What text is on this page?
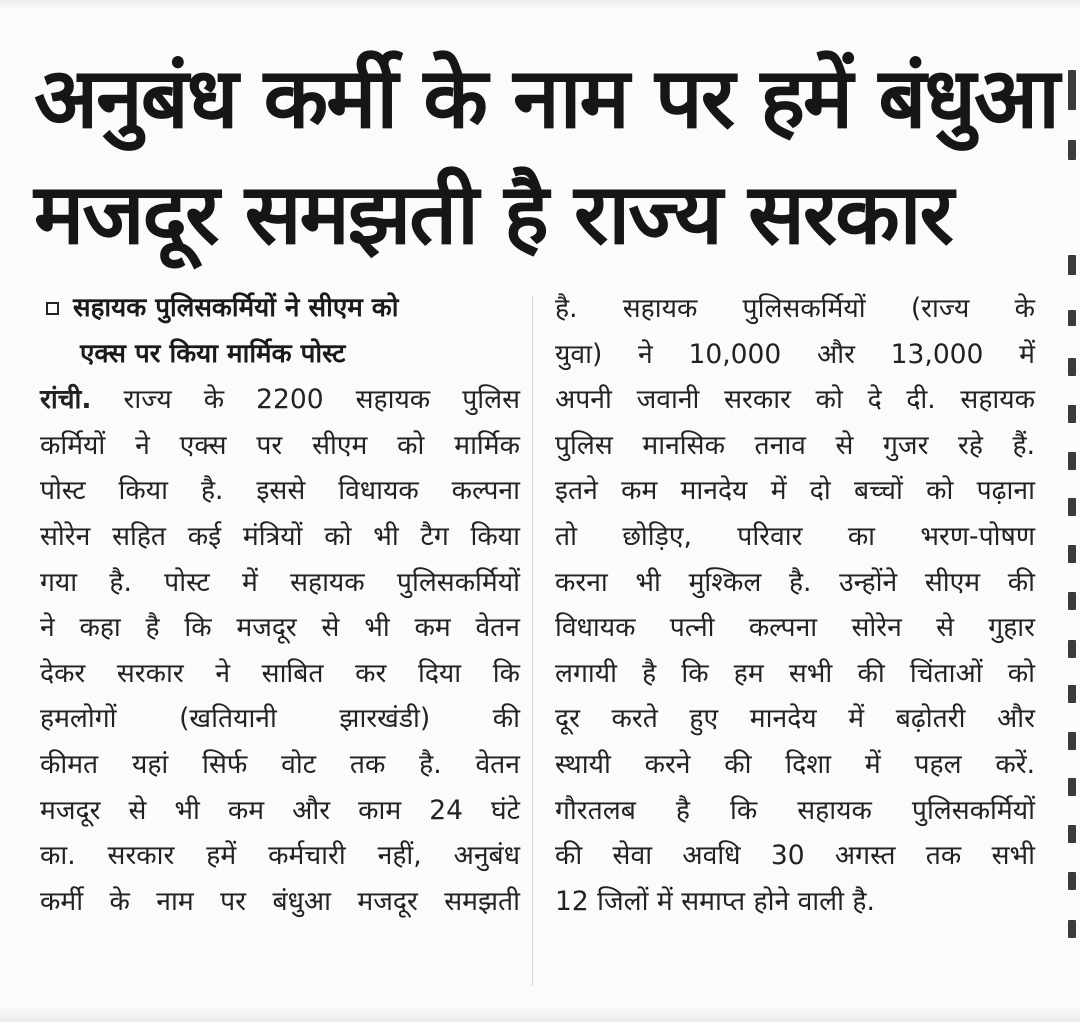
अनुबंध कर्मी के नाम पर हमें बंधुआ
मजदूर समझती है राज्य सरकार
सहायक पुलिसकर्मियों ने सीएम को
एक्स पर किया मार्मिक पोस्ट
रांची. राज्य के 2200 सहायक पुलिस
कर्मियों ने एक्स पर सीएम को मार्मिक
पोस्ट किया है. इससे विधायक कल्पना
सोरेन सहित कई मंत्रियों को भी टैग किया
गया है. पोस्ट में सहायक पुलिसकर्मियों
ने कहा है कि मजदूर से भी कम वेतन
देकर सरकार ने साबित कर दिया कि
हमलोगों (खतियानी झारखंडी) की
कीमत यहां सिर्फ वोट तक है. वेतन
मजदूर से भी कम और काम 24 घंटे
का. सरकार हमें कर्मचारी नहीं, अनुबंध
कर्मी के नाम पर बंधुआ मजदूर समझती
है. सहायक पुलिसकर्मियों (राज्य के
युवा) ने 10,000 और 13,000 में
अपनी जवानी सरकार को दे दी. सहायक
पुलिस मानसिक तनाव से गुजर रहे हैं.
इतने कम मानदेय में दो बच्चों को पढ़ाना
तो छोड़िए, परिवार का भरण-पोषण
करना भी मुश्किल है. उन्होंने सीएम की
विधायक पत्नी कल्पना सोरेन से गुहार
लगायी है कि हम सभी की चिंताओं को
दूर करते हुए मानदेय में बढ़ोतरी और
स्थायी करने की दिशा में पहल करें.
गौरतलब है कि सहायक पुलिसकर्मियों
की सेवा अवधि 30 अगस्त तक सभी
12 जिलों में समाप्त होने वाली है.
